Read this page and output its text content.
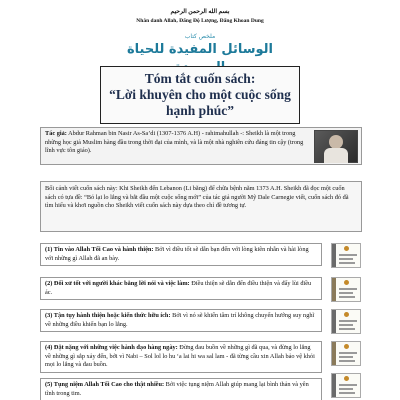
بسم الله الرحمن الرحيم
Nhân danh Allah, Đấng Độ Lượng, Đấng Khoan Dung
ملخص كتاب
الوسائل المفيدة للحياة
Tóm tắt cuốn sách:
“Lời khuyên cho một cuộc sống
hạnh phúc”
Tác giả: Abdur Rahman bin Nasir As-Sa’di (1307-1376 A.H) - rahimahullah -: Sheikh là một trong những học giả Muslim hàng đầu trong thời đại của mình, và là một nhà nghiên cứu đáng tin cậy (trong lĩnh vực tôn giáo).
Bối cảnh viết cuốn sách này: Khi Sheikh đến Lebanon (Li băng) để chữa bệnh năm 1373 A.H. Sheikh đã đọc một cuốn sách có tựa đề: “Bỏ lại lo lắng và bắt đầu một cuộc sống mới” của tác giả người Mỹ Dale Carnegie viết, cuốn sách đó đã tìm hiểu và khơi nguồn cho Sheikh viết cuốn sách này dựa theo chỉ đề tương tự.
(1) Tin vào Allah Tối Cao và hành thiện: Bởi vì điều tốt sẽ dẫn bạn đến với lòng kiên nhẫn và hài lòng với những gì Allah đã an bày.
(2) Đối xử tốt với người khác bằng lời nói và việc làm: Điều thiện sẽ dẫn đến điều thiện và đẩy lùi điều ác.
(3) Tận tụy hành thiện hoặc kiến thức hữu ích: Bởi vì nó sẽ khiến tâm trí không chuyển hướng suy nghĩ về những điều khiến bạn lo lắng.
(4) Đặt nặng với những việc hành đạo hàng ngày: Đừng đau buồn về những gì đã qua, và đừng lo lắng về những gì sắp xảy đến, bởi vì Nabi – Sol lol lo hu ‘a lai hi wa sal lam - đã từng cầu xin Allah bảo vệ khỏi mọi lo lắng và đau buồn.
(5) Tụng niệm Allah Tối Cao cho thật nhiều: Bởi việc tụng niệm Allah giúp mang lại bình thản và yên tĩnh trong tim.
